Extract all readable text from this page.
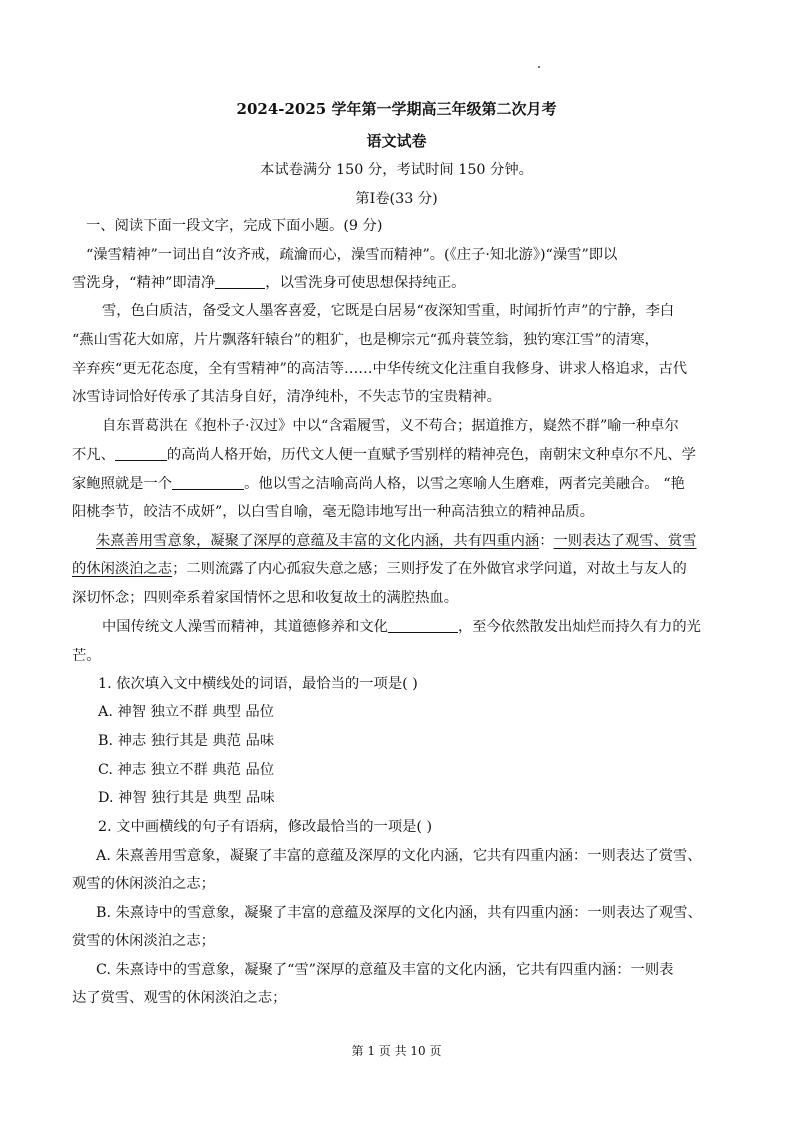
2024-2025 学年第一学期高三年级第二次月考
语文试卷
本试卷满分 150 分，考试时间 150 分钟。
第Ⅰ卷(33 分)
一、阅读下面一段文字，完成下面小题。(9 分)
“澡雪精神”一词出自“汝齐戒，疏瀹而心，澡雪而精神”。(《庄子·知北游》)“澡雪”即以
雪洗身，“精神”即清净	，以雪洗身可使思想保持纯正。
雪，色白质洁，备受文人墨客喜爱，它既是白居易“夜深知雪重，时闻折竹声”的宁静，李白
“燕山雪花大如席，片片飘落轩辕台”的粗犷，也是柳宗元“孤舟蓑笠翁，独钓寒江雪”的清寒，
辛弃疾“更无花态度，全有雪精神”的高洁等……中华传统文化注重自我修身、讲求人格追求，古代
冰雪诗词恰好传承了其洁身自好，清净纯朴，不失志节的宝贵精神。
自东晋葛洪在《抱朴子·汉过》中以“含霜履雪，义不苟合；据道推方，嶷然不群”喻一种卓尔
不凡、	的高尚人格开始，历代文人便一直赋予雪别样的精神亮色，南朝宋文种卓尔不凡、学
家鲍照就是一个	。他以雪之洁喻高尚人格，以雪之寒喻人生磨难，两者完美融合。 “艳
阳桃李节，皎洁不成妍”，以白雪自喻，毫无隐讳地写出一种高洁独立的精神品质。
朱熹善用雪意象，凝聚了深厚的意蕴及丰富的文化内涵，共有四重内涵：一则表达了观雪、赏雪
的休闲淡泊之志；二则流露了内心孤寂失意之感；三则抒发了在外做官求学问道，对故土与友人的
深切怀念；四则牵系着家国情怀之思和收复故土的满腔热血。
中国传统文人澡雪而精神，其道德修养和文化	，至今依然散发出灿烂而持久有力的光
芒。
1. 依次填入文中横线处的词语，最恰当的一项是( )
A. 神智 独立不群 典型 品位
B. 神志 独行其是 典范 品味
C. 神志 独立不群 典范 品位
D. 神智 独行其是 典型 品味
2. 文中画横线的句子有语病，修改最恰当的一项是( )
A. 朱熹善用雪意象，凝聚了丰富的意蕴及深厚的文化内涵，它共有四重内涵：一则表达了赏雪、
观雪的休闲淡泊之志；
B. 朱熹诗中的雪意象，凝聚了丰富的意蕴及深厚的文化内涵，共有四重内涵：一则表达了观雪、
赏雪的休闲淡泊之志；
C. 朱熹诗中的雪意象，凝聚了“雪”深厚的意蕴及丰富的文化内涵，它共有四重内涵：一则表
达了赏雪、观雪的休闲淡泊之志；
第 1 页 共 10 页
